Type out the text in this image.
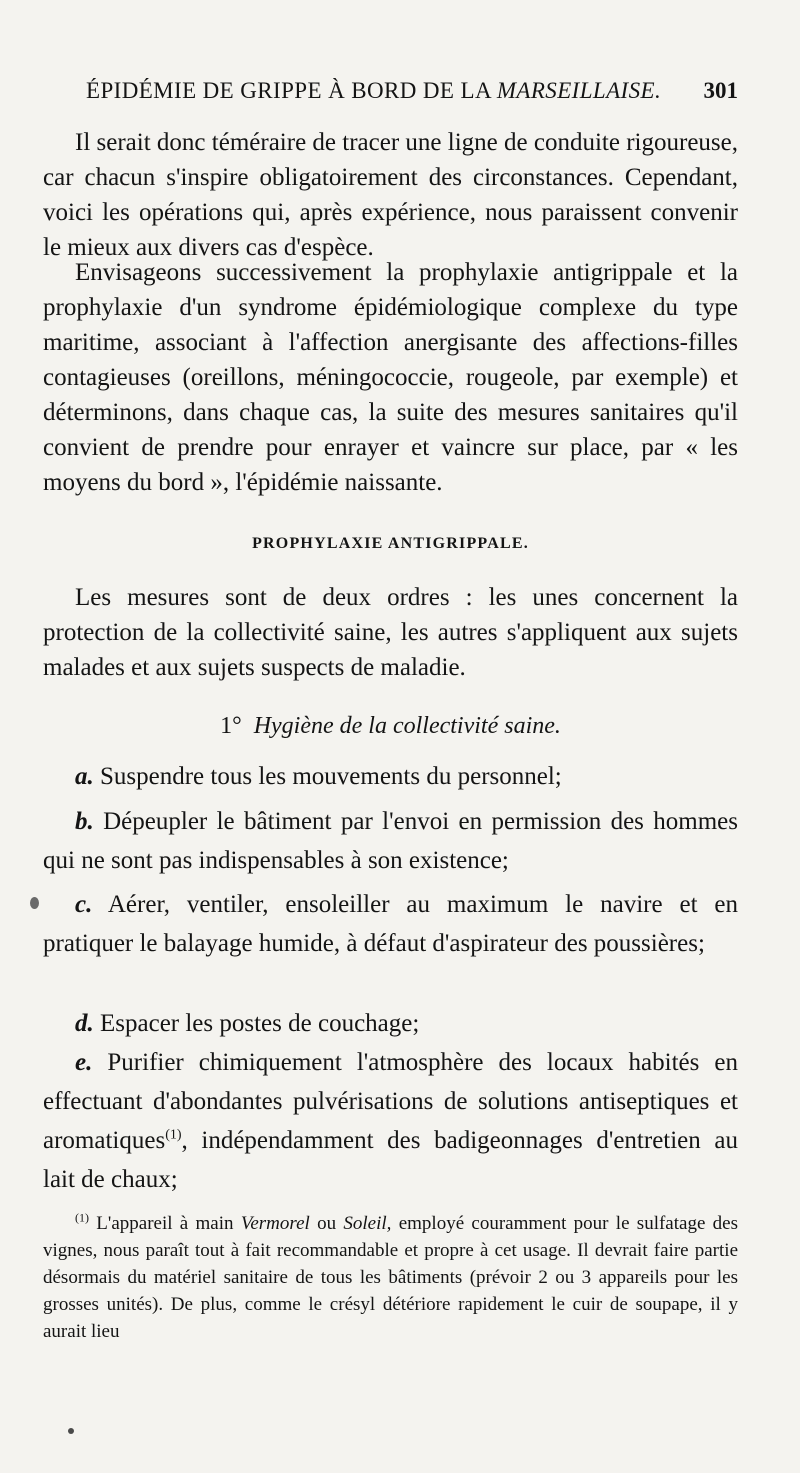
ÉPIDÉMIE DE GRIPPE À BORD DE LA MARSEILLAISE. 301

Il serait donc téméraire de tracer une ligne de conduite rigoureuse, car chacun s'inspire obligatoirement des circonstances. Cependant, voici les opérations qui, après expérience, nous paraissent convenir le mieux aux divers cas d'espèce.

Envisageons successivement la prophylaxie antigrippale et la prophylaxie d'un syndrome épidémiologique complexe du type maritime, associant à l'affection anergisante des affections-filles contagieuses (oreillons, méningococcie, rougeole, par exemple) et déterminons, dans chaque cas, la suite des mesures sanitaires qu'il convient de prendre pour enrayer et vaincre sur place, par « les moyens du bord », l'épidémie naissante.

PROPHYLAXIE ANTIGRIPPALE.

Les mesures sont de deux ordres : les unes concernent la protection de la collectivité saine, les autres s'appliquent aux sujets malades et aux sujets suspects de maladie.

1° Hygiène de la collectivité saine.
a. Suspendre tous les mouvements du personnel;
b. Dépeupler le bâtiment par l'envoi en permission des hommes qui ne sont pas indispensables à son existence;
c. Aérer, ventiler, ensoleiller au maximum le navire et en pratiquer le balayage humide, à défaut d'aspirateur des poussières;
d. Espacer les postes de couchage;
e. Purifier chimiquement l'atmosphère des locaux habités en effectuant d'abondantes pulvérisations de solutions antiseptiques et aromatiques$^{(1)}$, indépendamment des badigeonnages d'entretien au lait de chaux;
$^{(1)}$ L'appareil à main Vermorel ou Soleil, employé couramment pour le sulfatage des vignes, nous paraît tout à fait recommandable et propre à cet usage. Il devrait faire partie désormais du matériel sanitaire de tous les bâtiments (prévoir 2 ou 3 appareils pour les grosses unités). De plus, comme le crésyl détériore rapidement le cuir de soupape, il y aurait lieu
